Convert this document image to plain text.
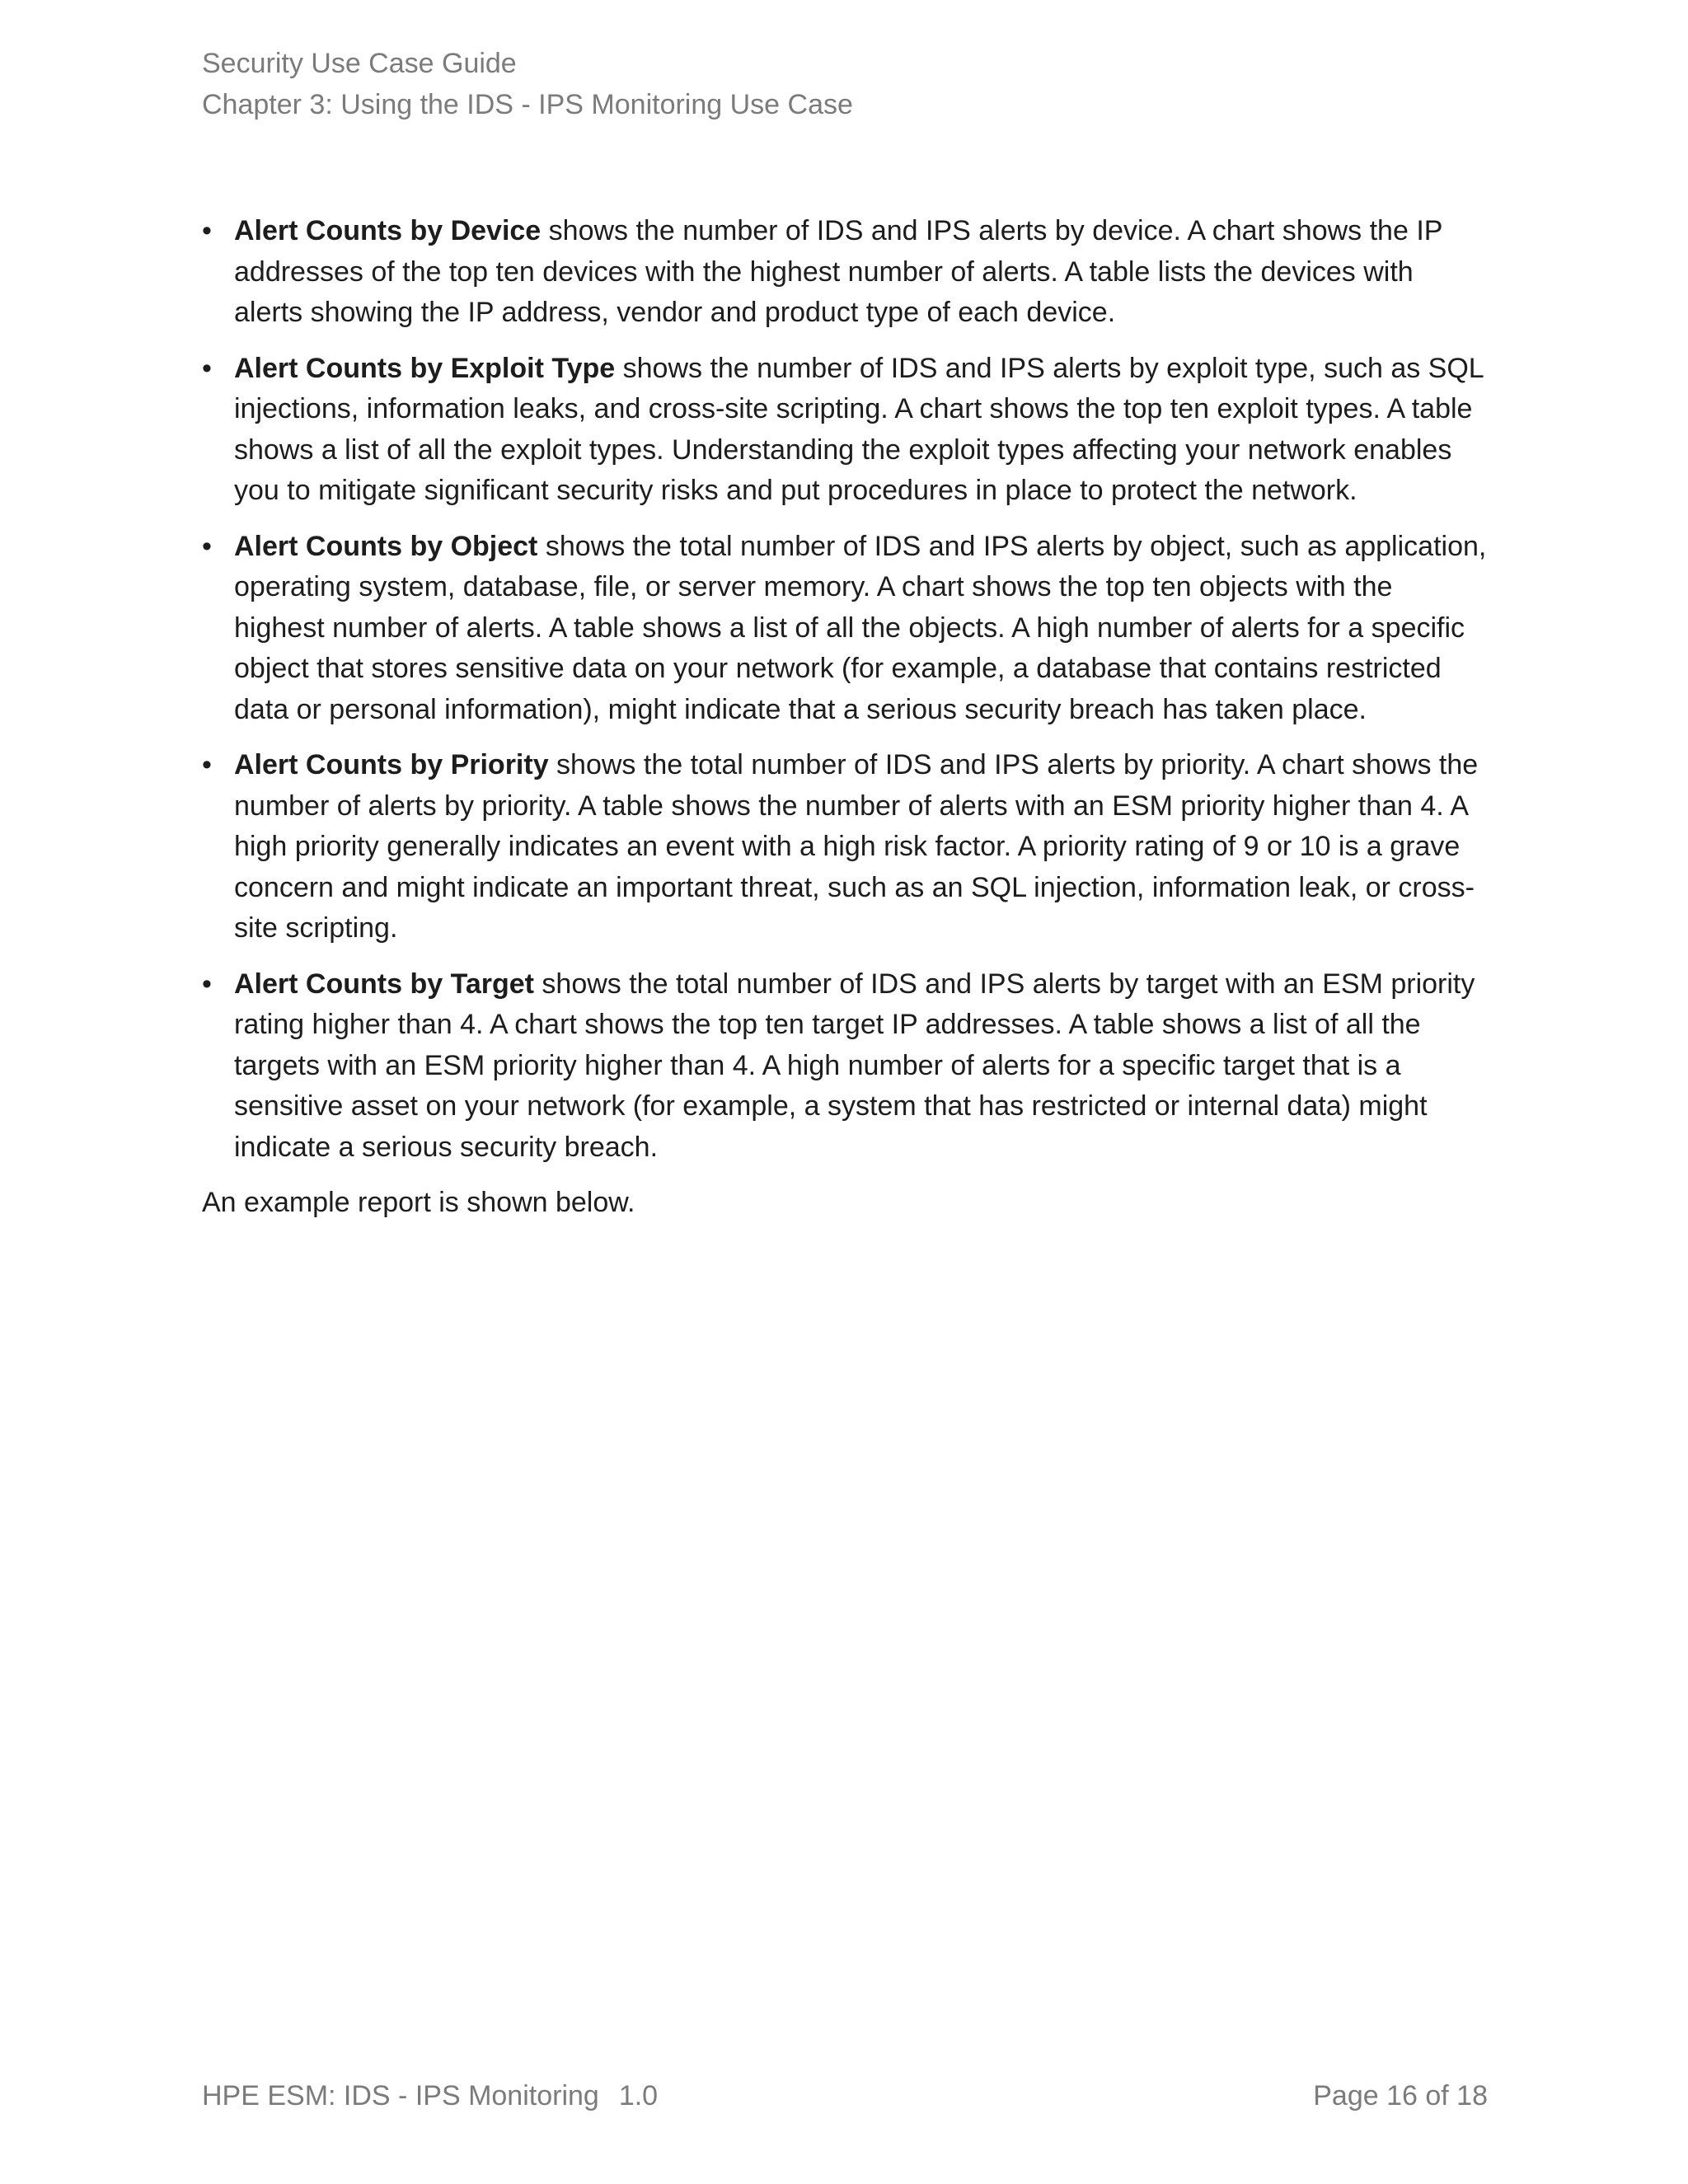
Security Use Case Guide
Chapter 3: Using the IDS - IPS Monitoring Use Case
• Alert Counts by Device shows the number of IDS and IPS alerts by device. A chart shows the IP addresses of the top ten devices with the highest number of alerts. A table lists the devices with alerts showing the IP address, vendor and product type of each device.
• Alert Counts by Exploit Type shows the number of IDS and IPS alerts by exploit type, such as SQL injections, information leaks, and cross-site scripting. A chart shows the top ten exploit types. A table shows a list of all the exploit types. Understanding the exploit types affecting your network enables you to mitigate significant security risks and put procedures in place to protect the network.
• Alert Counts by Object shows the total number of IDS and IPS alerts by object, such as application, operating system, database, file, or server memory. A chart shows the top ten objects with the highest number of alerts. A table shows a list of all the objects. A high number of alerts for a specific object that stores sensitive data on your network (for example, a database that contains restricted data or personal information), might indicate that a serious security breach has taken place.
• Alert Counts by Priority shows the total number of IDS and IPS alerts by priority. A chart shows the number of alerts by priority. A table shows the number of alerts with an ESM priority higher than 4. A high priority generally indicates an event with a high risk factor. A priority rating of 9 or 10 is a grave concern and might indicate an important threat, such as an SQL injection, information leak, or cross-site scripting.
• Alert Counts by Target shows the total number of IDS and IPS alerts by target with an ESM priority rating higher than 4. A chart shows the top ten target IP addresses. A table shows a list of all the targets with an ESM priority higher than 4. A high number of alerts for a specific target that is a sensitive asset on your network (for example, a system that has restricted or internal data) might indicate a serious security breach.

An example report is shown below.

HPE ESM: IDS - IPS Monitoring 1.0	Page 16 of 18
